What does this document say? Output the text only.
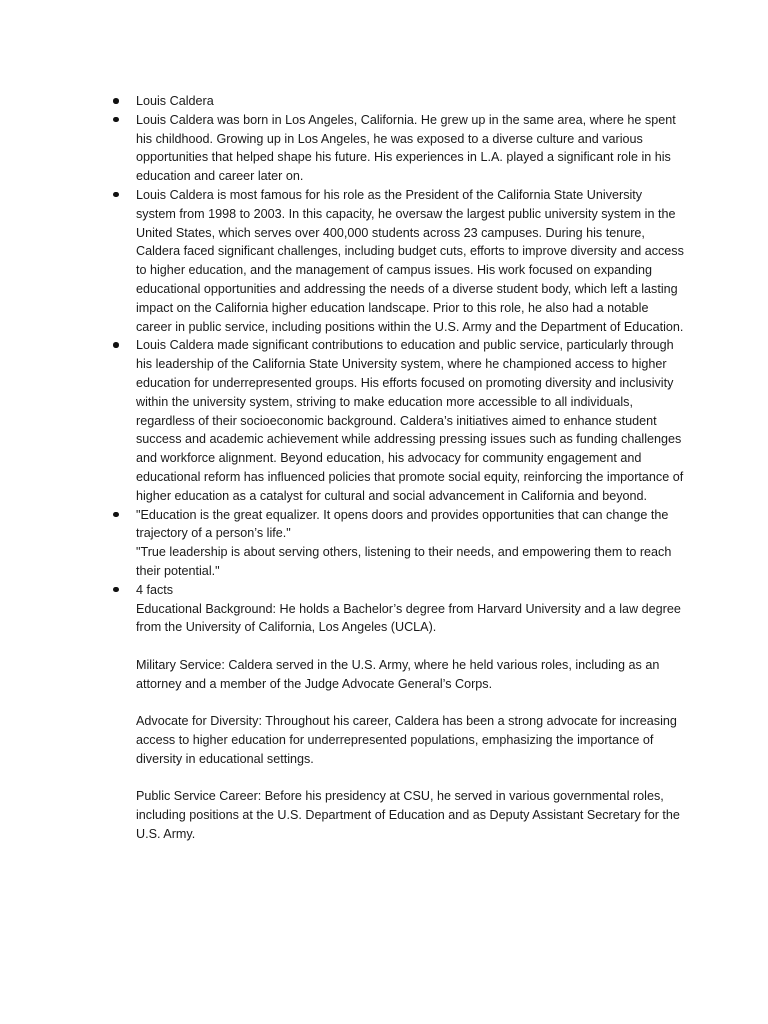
Louis Caldera
Louis Caldera was born in Los Angeles, California. He grew up in the same area, where he spent his childhood. Growing up in Los Angeles, he was exposed to a diverse culture and various opportunities that helped shape his future. His experiences in L.A. played a significant role in his education and career later on.
Louis Caldera is most famous for his role as the President of the California State University system from 1998 to 2003. In this capacity, he oversaw the largest public university system in the United States, which serves over 400,000 students across 23 campuses. During his tenure, Caldera faced significant challenges, including budget cuts, efforts to improve diversity and access to higher education, and the management of campus issues. His work focused on expanding educational opportunities and addressing the needs of a diverse student body, which left a lasting impact on the California higher education landscape. Prior to this role, he also had a notable career in public service, including positions within the U.S. Army and the Department of Education.
Louis Caldera made significant contributions to education and public service, particularly through his leadership of the California State University system, where he championed access to higher education for underrepresented groups. His efforts focused on promoting diversity and inclusivity within the university system, striving to make education more accessible to all individuals, regardless of their socioeconomic background. Caldera’s initiatives aimed to enhance student success and academic achievement while addressing pressing issues such as funding challenges and workforce alignment. Beyond education, his advocacy for community engagement and educational reform has influenced policies that promote social equity, reinforcing the importance of higher education as a catalyst for cultural and social advancement in California and beyond.
"Education is the great equalizer. It opens doors and provides opportunities that can change the trajectory of a person’s life."
"True leadership is about serving others, listening to their needs, and empowering them to reach their potential."
4 facts
Educational Background: He holds a Bachelor’s degree from Harvard University and a law degree from the University of California, Los Angeles (UCLA).
Military Service: Caldera served in the U.S. Army, where he held various roles, including as an attorney and a member of the Judge Advocate General’s Corps.
Advocate for Diversity: Throughout his career, Caldera has been a strong advocate for increasing access to higher education for underrepresented populations, emphasizing the importance of diversity in educational settings.
Public Service Career: Before his presidency at CSU, he served in various governmental roles, including positions at the U.S. Department of Education and as Deputy Assistant Secretary for the U.S. Army.
